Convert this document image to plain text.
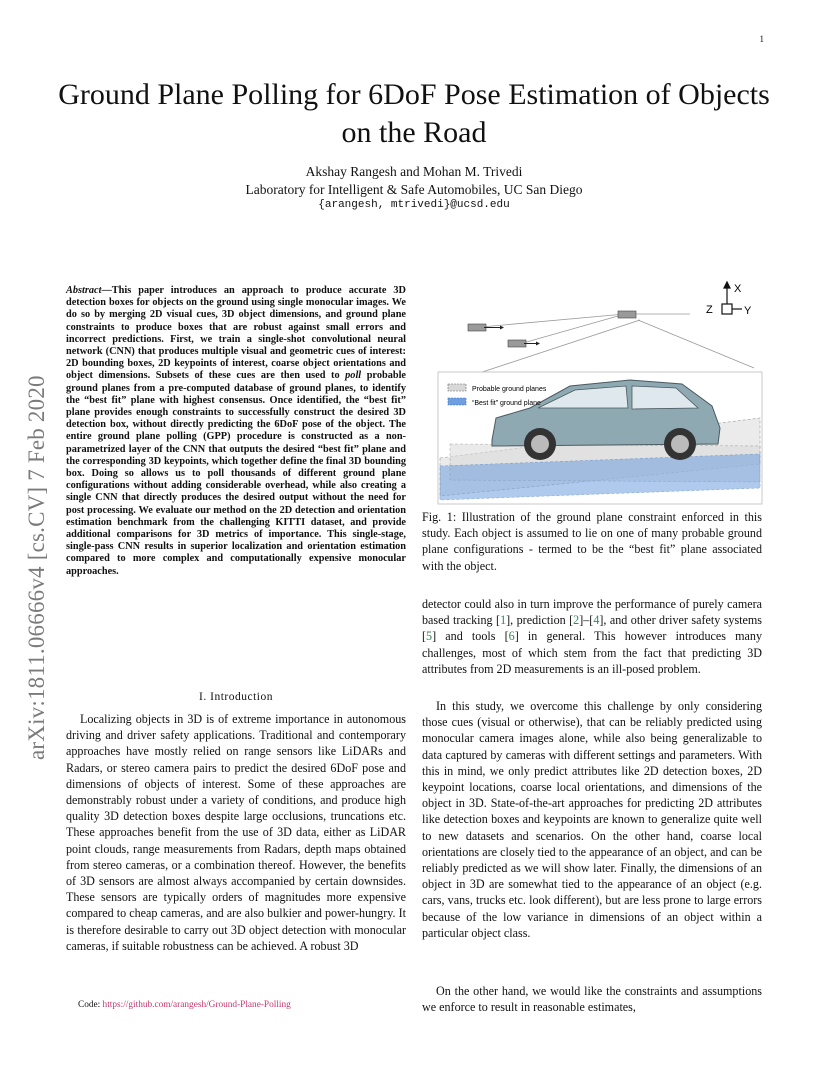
1
Ground Plane Polling for 6DoF Pose Estimation of Objects on the Road
Akshay Rangesh and Mohan M. Trivedi
Laboratory for Intelligent & Safe Automobiles, UC San Diego
{arangesh, mtrivedi}@ucsd.edu
arXiv:1811.06666v4 [cs.CV] 7 Feb 2020
Abstract—This paper introduces an approach to produce accurate 3D detection boxes for objects on the ground using single monocular images. We do so by merging 2D visual cues, 3D object dimensions, and ground plane constraints to produce boxes that are robust against small errors and incorrect predictions. First, we train a single-shot convolutional neural network (CNN) that produces multiple visual and geometric cues of interest: 2D bounding boxes, 2D keypoints of interest, coarse object orientations and object dimensions. Subsets of these cues are then used to poll probable ground planes from a pre-computed database of ground planes, to identify the “best fit” plane with highest consensus. Once identified, the “best fit” plane provides enough constraints to successfully construct the desired 3D detection box, without directly predicting the 6DoF pose of the object. The entire ground plane polling (GPP) procedure is constructed as a non-parametrized layer of the CNN that outputs the desired “best fit” plane and the corresponding 3D keypoints, which together define the final 3D bounding box. Doing so allows us to poll thousands of different ground plane configurations without adding considerable overhead, while also creating a single CNN that directly produces the desired output without the need for post processing. We evaluate our method on the 2D detection and orientation estimation benchmark from the challenging KITTI dataset, and provide additional comparisons for 3D metrics of importance. This single-stage, single-pass CNN results in superior localization and orientation estimation compared to more complex and computationally expensive monocular approaches.
I. Introduction
Localizing objects in 3D is of extreme importance in autonomous driving and driver safety applications. Traditional and contemporary approaches have mostly relied on range sensors like LiDARs and Radars, or stereo camera pairs to predict the desired 6DoF pose and dimensions of objects of interest. Some of these approaches are demonstrably robust under a variety of conditions, and produce high quality 3D detection boxes despite large occlusions, truncations etc. These approaches benefit from the use of 3D data, either as LiDAR point clouds, range measurements from Radars, depth maps obtained from stereo cameras, or a combination thereof. However, the benefits of 3D sensors are almost always accompanied by certain downsides. These sensors are typically orders of magnitudes more expensive compared to cheap cameras, and are also bulkier and power-hungry. It is therefore desirable to carry out 3D object detection with monocular cameras, if suitable robustness can be achieved. A robust 3D
Code: https://github.com/arangesh/Ground-Plane-Polling
X
Y
Z
Probable ground planes
“Best fit” ground plane
Fig. 1: Illustration of the ground plane constraint enforced in this study. Each object is assumed to lie on one of many probable ground plane configurations - termed to be the “best fit” plane associated with the object.
detector could also in turn improve the performance of purely camera based tracking [1], prediction [2]–[4], and other driver safety systems [5] and tools [6] in general. This however introduces many challenges, most of which stem from the fact that predicting 3D attributes from 2D measurements is an ill-posed problem.
In this study, we overcome this challenge by only considering those cues (visual or otherwise), that can be reliably predicted using monocular camera images alone, while also being generalizable to data captured by cameras with different settings and parameters. With this in mind, we only predict attributes like 2D detection boxes, 2D keypoint locations, coarse local orientations, and dimensions of the object in 3D. State-of-the-art approaches for predicting 2D attributes like detection boxes and keypoints are known to generalize quite well to new datasets and scenarios. On the other hand, coarse local orientations are closely tied to the appearance of an object, and can be reliably predicted as we will show later. Finally, the dimensions of an object in 3D are somewhat tied to the appearance of an object (e.g. cars, vans, trucks etc. look different), but are less prone to large errors because of the low variance in dimensions of an object within a particular object class.
On the other hand, we would like the constraints and assumptions we enforce to result in reasonable estimates,
